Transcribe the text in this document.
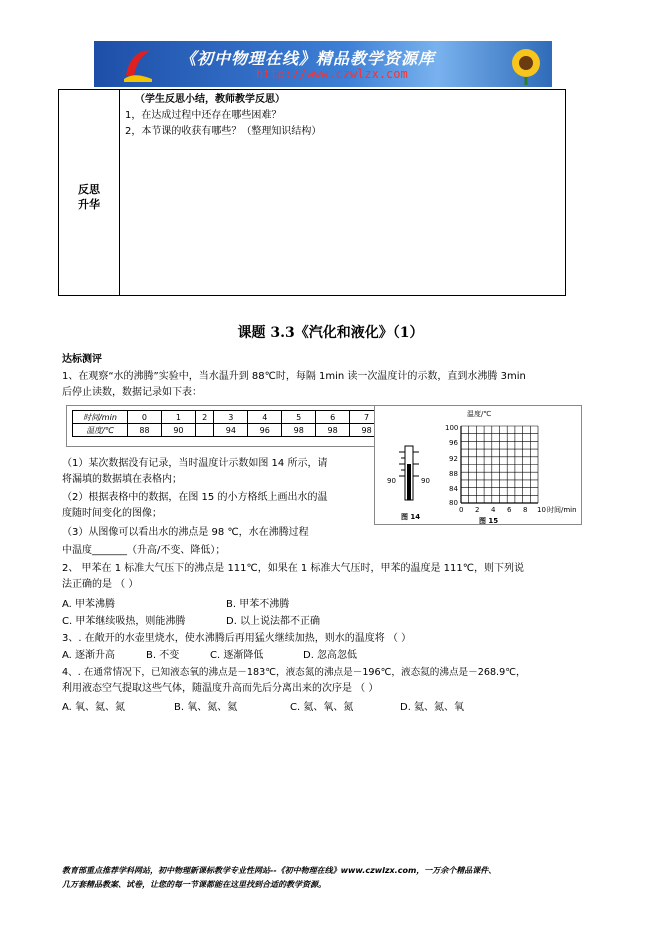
《初中物理在线》精品教学资源库
http://www.czwlzx.com
反思
升华
（学生反思小结，教师教学反思）
1，在达成过程中还存在哪些困难？
2，本节课的收获有哪些？（整理知识结构）
课题 3.3《汽化和液化》（1）
达标测评
1、在观察“水的沸腾”实验中，当水温升到 88℃时，每隔 1min 读一次温度计的示数，直到水沸腾 3min
后停止读数，数据记录如下表：
时间/min	0	1	2	3	4	5	6	7	
温度/℃	88	90		94	96	98	98	98	
90	90
图 14
温度/℃
100
96
92
88
84
80
0 2 4 6 8 10 时间/min
图 15
（1）某次数据没有记录，当时温度计示数如图 14 所示，请
将漏填的数据填在表格内；
（2）根据表格中的数据，在图 15 的小方格纸上画出水的温
度随时间变化的图像；
（3）从图像可以看出水的沸点是 98 ℃，水在沸腾过程
中温度_______（升高/不变、降低）；
2、 甲苯在 1 标准大气压下的沸点是 111℃，如果在 1 标准大气压时，甲苯的温度是 111℃，则下列说
法正确的是 （ ）
A. 甲苯沸腾	B. 甲苯不沸腾
C. 甲苯继续吸热，则能沸腾	D. 以上说法都不正确
3、. 在敞开的水壶里烧水，使水沸腾后再用猛火继续加热，则水的温度将 （ ）
A. 逐渐升高	B. 不变	C. 逐渐降低	D. 忽高忽低
4、. 在通常情况下，已知液态氧的沸点是－183℃，液态氮的沸点是－196℃，液态氦的沸点是－268.9℃，
利用液态空气提取这些气体，随温度升高而先后分离出来的次序是 （ ）
A. 氧、氦、氮	B. 氧、氮、氦	C. 氦、氧、氮	D. 氦、氮、氧
教育部重点推荐学科网站，初中物理新课标教学专业性网站--《初中物理在线》www.czwlzx.com，一万余个精品课件、
几万套精品教案、试卷，让您的每一节课都能在这里找到合适的教学资源。
